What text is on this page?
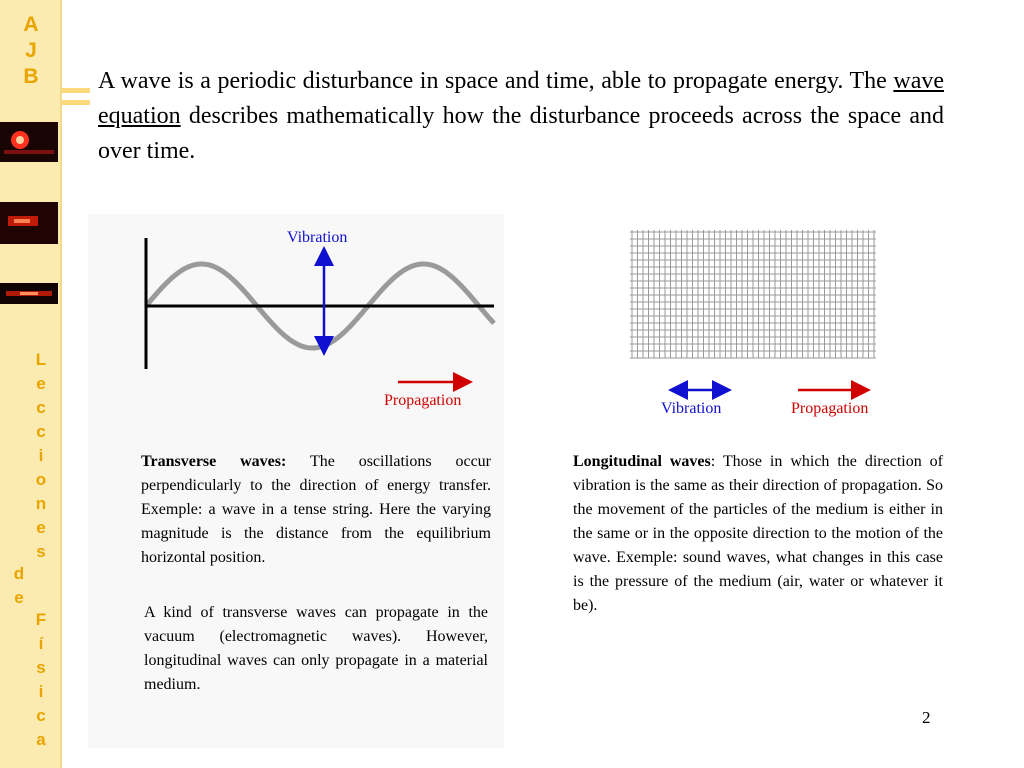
A
J
B
L
e
c
c
i
o
n
e
s
d
e
F
í
s
i
c
a
A wave is a periodic disturbance in space and time, able to propagate energy. The wave equation describes mathematically how the disturbance proceeds across the space and over time.
Vibration
Propagation	Vibration	Propagation
Transverse waves: The oscillations occur perpendicularly to the direction of energy transfer. Exemple: a wave in a tense string. Here the varying magnitude is the distance from the equilibrium horizontal position.
A kind of transverse waves can propagate in the vacuum (electromagnetic waves). However, longitudinal waves can only propagate in a material medium.
Longitudinal waves: Those in which the direction of vibration is the same as their direction of propagation. So the movement of the particles of the medium is either in the same or in the opposite direction to the motion of the wave. Exemple: sound waves, what changes in this case is the pressure of the medium (air, water or whatever it be).
2
